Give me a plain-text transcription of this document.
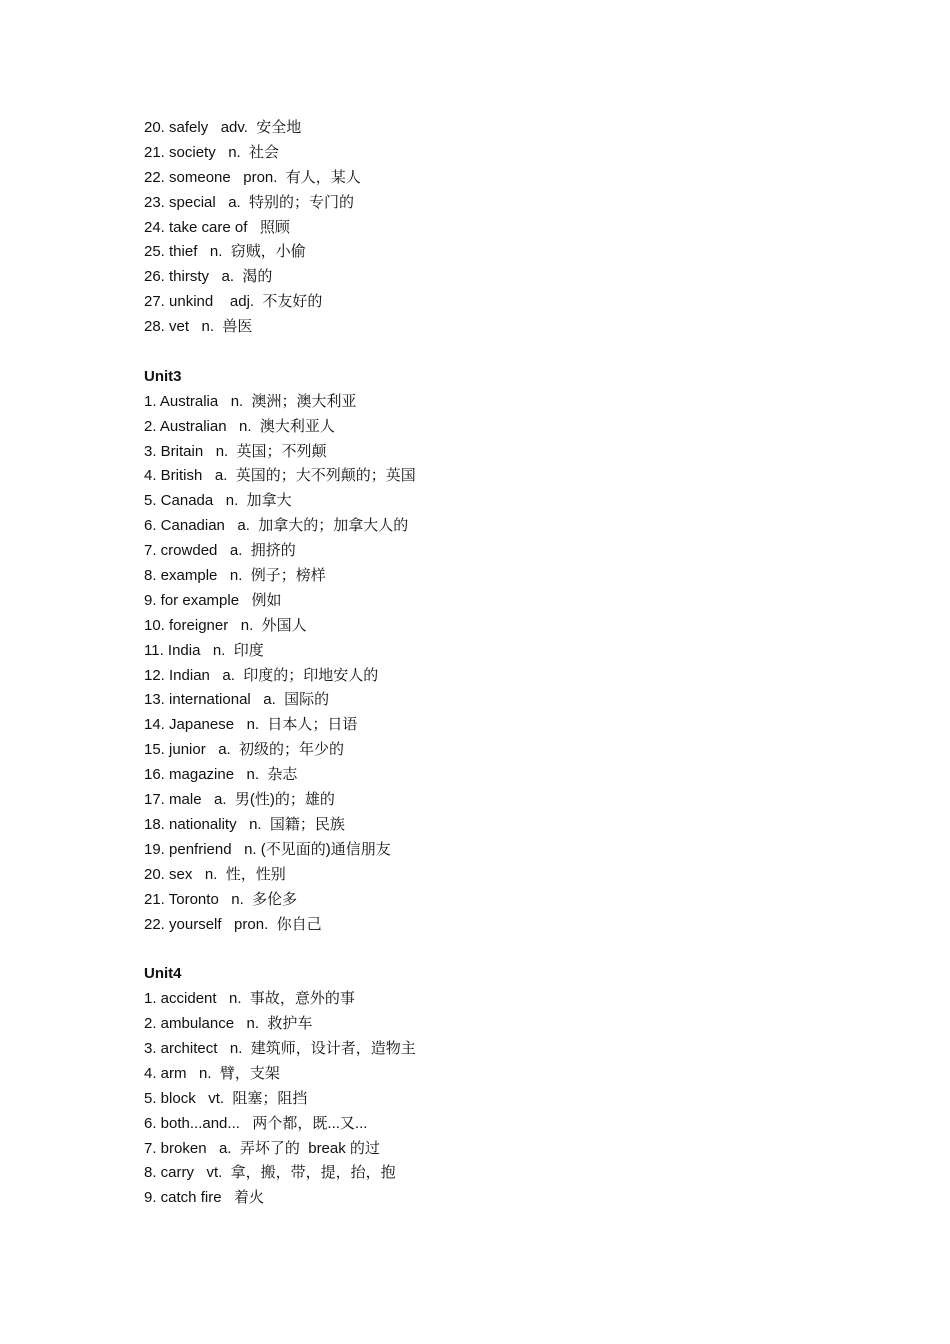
20. safely   adv.  安全地
21. society   n.  社会
22. someone   pron.  有人，某人
23. special   a.  特别的；专门的
24. take care of   照顾
25. thief   n.  窃贼，小偷
26. thirsty   a.  渴的
27. unkind    adj.  不友好的
28. vet   n.  兽医
Unit3
1. Australia   n.  澳洲；澳大利亚
2. Australian   n.  澳大利亚人
3. Britain   n.  英国；不列颠
4. British   a.  英国的；大不列颠的；英国
5. Canada   n.  加拿大
6. Canadian   a.  加拿大的；加拿大人的
7. crowded   a.  拥挤的
8. example   n.  例子；榜样
9. for example   例如
10. foreigner   n.  外国人
11. India   n.  印度
12. Indian   a.  印度的；印地安人的
13. international   a.  国际的
14. Japanese   n.  日本人；日语
15. junior   a.  初级的；年少的
16. magazine   n.  杂志
17. male   a.  男(性)的；雄的
18. nationality   n.  国籍；民族
19. penfriend   n. (不见面的)通信朋友
20. sex   n.  性，性别
21. Toronto   n.  多伦多
22. yourself   pron.  你自己
Unit4
1. accident   n.  事故，意外的事
2. ambulance   n.  救护车
3. architect   n.  建筑师，设计者，造物主
4. arm   n.  臂，支架
5. block   vt.  阻塞；阻挡
6. both...and...   两个都，既...又...
7. broken   a.  弄坏了的  break 的过
8. carry   vt.  拿，搬，带，提，抬，抱
9. catch fire   着火
